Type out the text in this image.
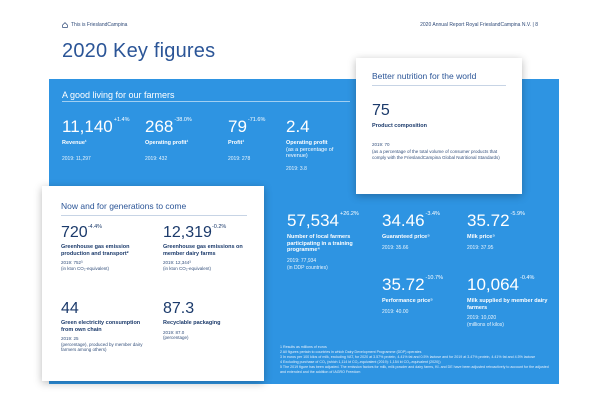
This is FrieslandCampina	2020 Annual Report Royal FrieslandCampina N.V. | 8
2020 Key figures
A good living for our farmers
$11,140^{+1.4\%}$
Revenue¹
2019: 11,297
$268^{-38.0\%}$
Operating profit¹
2019: 432
$79^{-71.6\%}$
Profit¹
2019: 278
2.4
Operating profit
(as a percentage of revenue)
2019: 3.8
Better nutrition for the world
75
Product composition
2019: 70
(as a percentage of the total volume of consumer products that comply with the FrieslandCampina Global Nutritional Standards)
Now and for generations to come
$720^{-4.4\%}$
Greenhouse gas emission production and transport²
2019: 752³
(in kton CO₂-equivalent)
$12,319^{-0.2\%}$
Greenhouse gas emissions on member dairy farms
2019: 12,344³
(in kton CO₂-equivalent)
44
Green electricity consumption from own chain
2019: 25
(percentage), produced by member dairy farmers among others)
87.3
Recyclable packaging
2019: 87.0
(percentage)
$57,534^{+26.2\%}$
Number of local farmers participating in a training programme⁴
2019: 77,934
(in DDP countries)
$34.46^{-3.4\%}$
Guaranteed price⁵
2019: 35.66
$35.72^{-5.9\%}$
Milk price⁵
2019: 37.95
$35.72^{-10.7\%}$
Performance price⁵
2019: 40.00
$10,064^{-0.4\%}$
Milk supplied by member dairy farmers
2019: 10,020
(millions of kilos)
1 Results as millions of euros
2 All figures pertain to countries in which Dairy Development Programme (DDP) operates
3 In euros per 100 kilos of milk, excluding VAT, for 2020 at 3.57% protein, 4.41% fat and 0.5% lactose and for 2019 at 3.47% protein, 4.41% fat and 4.5% lactose
4 Excluding purchase of CO₂ (which 1,114 kt CO₂-equivalent (2019): 1,154 kt CO₂-equivalent (2020))
5 The 2019 figure has been adjusted. The emission factors for milk, milk powder and dairy farms, Kf- and DE have been adjusted retroactively to account for the adjusted and extended and the addition of IAGRO Freedom
